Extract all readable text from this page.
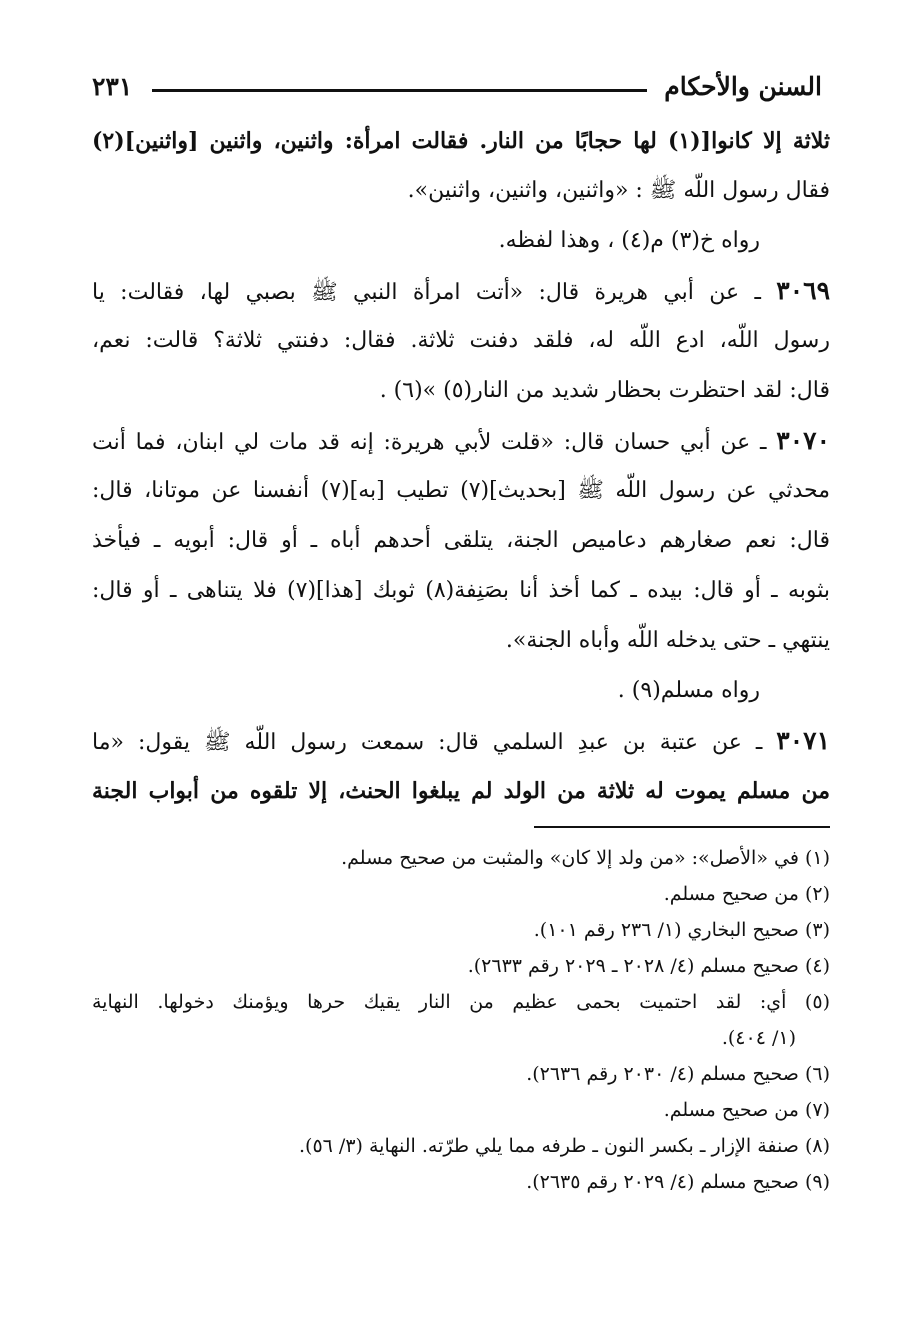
السنن والأحكام
٢٣١
ثلاثة إلا كانوا[(١) لها حجابًا من النار. فقالت امرأة: واثنين، واثنين [واثنين](٢)
فقال رسول اللّه ﷺ : «واثنين، واثنين، واثنين».
رواه خ(٣) م(٤) ، وهذا لفظه.
٣٠٦٩ ـ عن أبي هريرة قال: «أتت امرأة النبي ﷺ بصبي لها، فقالت: يا
رسول اللّه، ادع اللّه له، فلقد دفنت ثلاثة. فقال: دفنتي ثلاثة؟ قالت: نعم،
قال: لقد احتظرت بحظار شديد من النار(٥) »(٦) .
٣٠٧٠ ـ عن أبي حسان قال: «قلت لأبي هريرة: إنه قد مات لي ابنان، فما أنت
محدثي عن رسول اللّه ﷺ [بحديث](٧) تطيب [به](٧) أنفسنا عن موتانا، قال:
قال: نعم صغارهم دعاميص الجنة، يتلقى أحدهم أباه ـ أو قال: أبويه ـ فيأخذ
بثوبه ـ أو قال: بيده ـ كما أخذ أنا بصَنِفة(٨) ثوبك [هذا](٧) فلا يتناهى ـ أو قال:
ينتهي ـ حتى يدخله اللّه وأباه الجنة».
رواه مسلم(٩) .
٣٠٧١ ـ عن عتبة بن عبدِ السلمي قال: سمعت رسول اللّه ﷺ يقول: «ما
من مسلم يموت له ثلاثة من الولد لم يبلغوا الحنث، إلا تلقوه من أبواب الجنة
(١) في «الأصل»: «من ولد إلا كان» والمثبت من صحيح مسلم.
(٢) من صحيح مسلم.
(٣) صحيح البخاري (١/ ٢٣٦ رقم ١٠١).
(٤) صحيح مسلم (٤/ ٢٠٢٨ ـ ٢٠٢٩ رقم ٢٦٣٣).
(٥) أي: لقد احتميت بحمى عظيم من النار يقيك حرها ويؤمنك دخولها. النهاية
(١/ ٤٠٤).
(٦) صحيح مسلم (٤/ ٢٠٣٠ رقم ٢٦٣٦).
(٧) من صحيح مسلم.
(٨) صنفة الإزار ـ بكسر النون ـ طرفه مما يلي طرّته. النهاية (٣/ ٥٦).
(٩) صحيح مسلم (٤/ ٢٠٢٩ رقم ٢٦٣٥).
